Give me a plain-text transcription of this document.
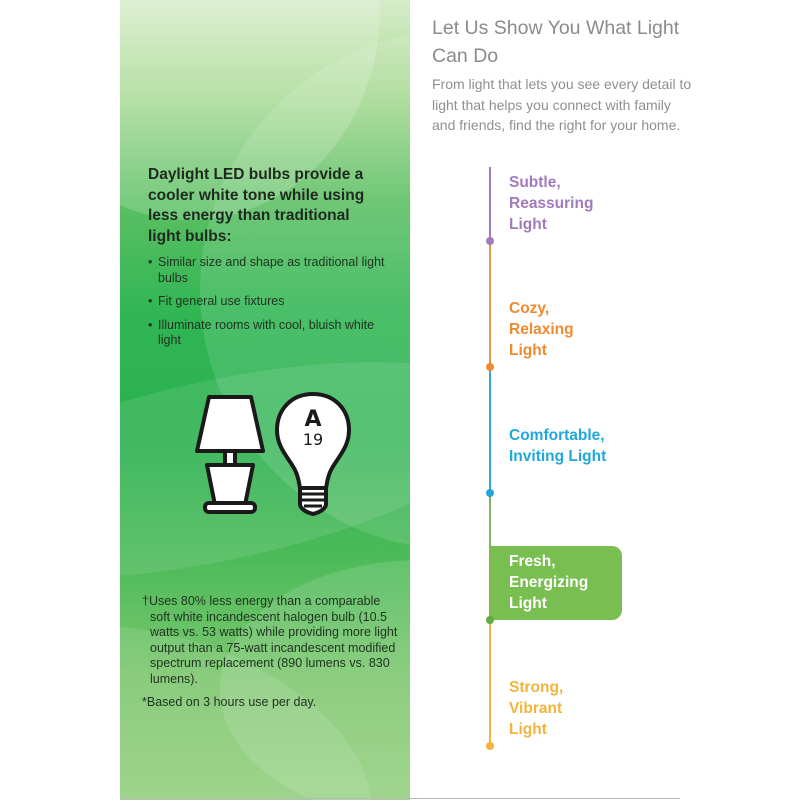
Daylight LED bulbs provide a cooler white tone while using less energy than traditional light bulbs:
• Similar size and shape as traditional light bulbs
• Fit general use fixtures
• Illuminate rooms with cool, bluish white light
A
19
†Uses 80% less energy than a comparable soft white incandescent halogen bulb (10.5 watts vs. 53 watts) while providing more light output than a 75-watt incandescent modified spectrum replacement (890 lumens vs. 830 lumens).
*Based on 3 hours use per day.
Let Us Show You What Light Can Do
From light that lets you see every detail to light that helps you connect with family and friends, find the right for your home.
Subtle, Reassuring Light
Cozy, Relaxing Light
Comfortable, Inviting Light
Fresh, Energizing Light
Strong, Vibrant Light
